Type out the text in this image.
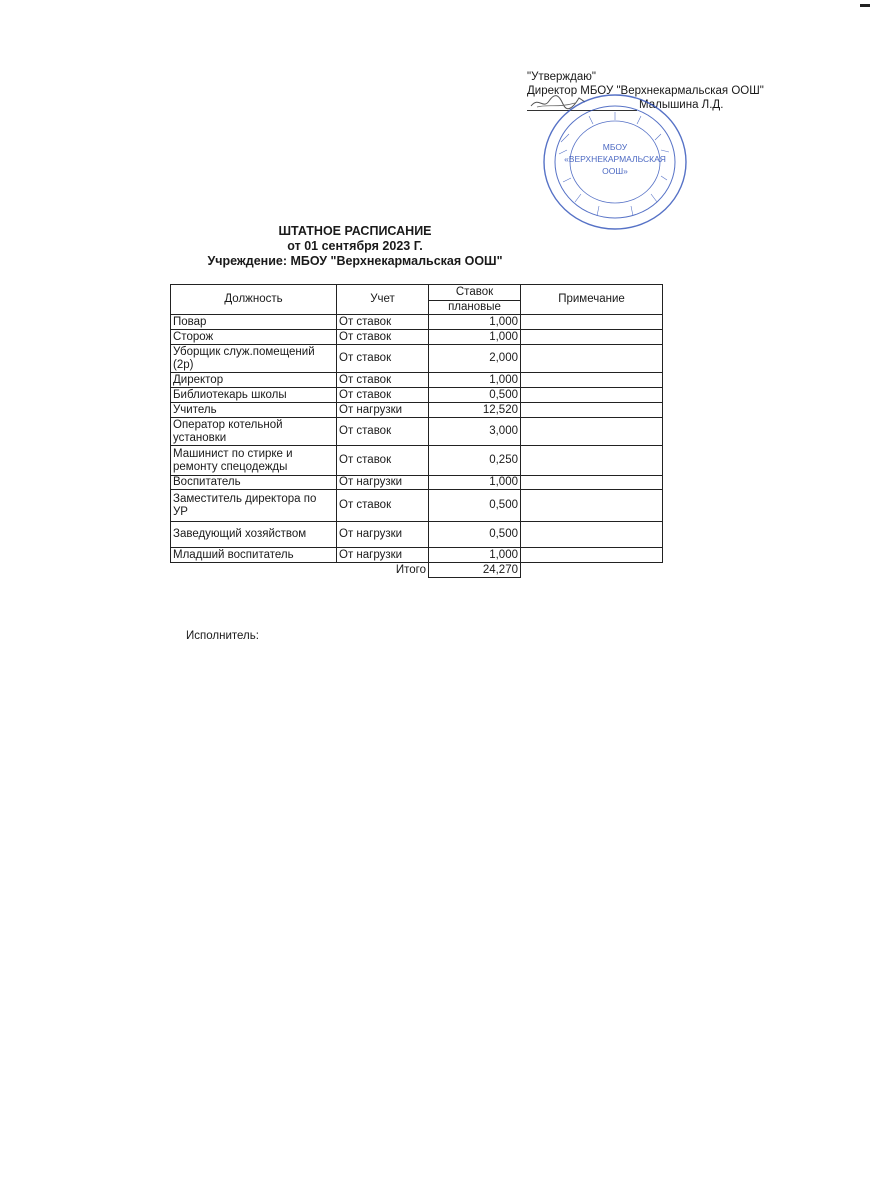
"Утверждаю"
Директор МБОУ "Верхнекармальская ООШ"
Малышина Л.Д.
МБОУ
«ВЕРХНЕКАРМАЛЬСКАЯ
ООШ»
ШТАТНОЕ РАСПИСАНИЕ
от 01 сентября 2023 Г.
Учреждение: МБОУ "Верхнекармальская ООШ"
Должность	Учет	Ставок	Примечание
		плановые	
Повар	От ставок	1,000	
Сторож	От ставок	1,000	
Уборщик служ.помещений (2р)	От ставок	2,000	
Директор	От ставок	1,000	
Библиотекарь школы	От ставок	0,500	
Учитель	От нагрузки	12,520	
Оператор котельной установки	От ставок	3,000	
Машинист по стирке и ремонту спецодежды	От ставок	0,250	
Воспитатель	От нагрузки	1,000	
Заместитель директора по УР	От ставок	0,500	
Заведующий хозяйством	От нагрузки	0,500	
Младший воспитатель	От нагрузки	1,000	
Итого		24,270	
Исполнитель:
